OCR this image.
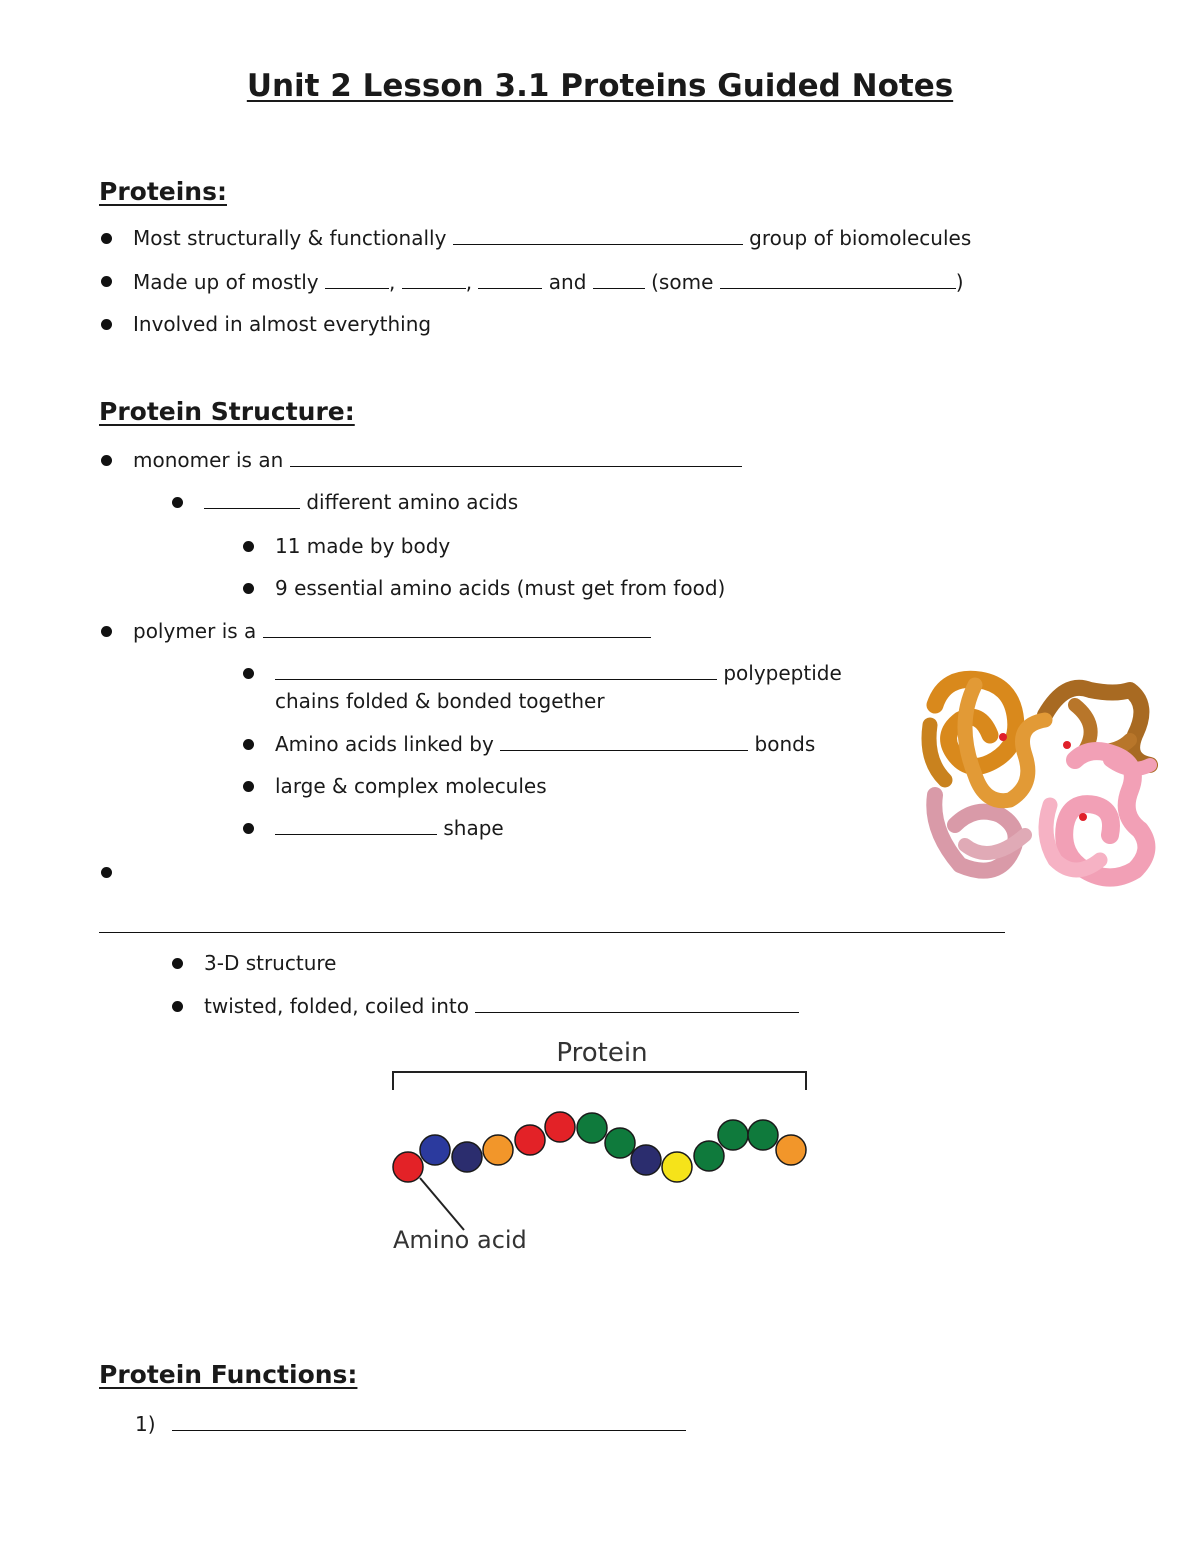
Unit 2 Lesson 3.1 Proteins Guided Notes
Proteins:
Most structurally & functionally	group of biomolecules
Made up of mostly	,	,	and	(some	)
Involved in almost everything
Protein Structure:
monomer is an
different amino acids
11 made by body
9 essential amino acids (must get from food)
polymer is a
polypeptide
chains folded & bonded together
Amino acids linked by	bonds
large & complex molecules
shape
3-D structure
twisted, folded, coiled into
Protein
Amino acid
Protein Functions:
1)
